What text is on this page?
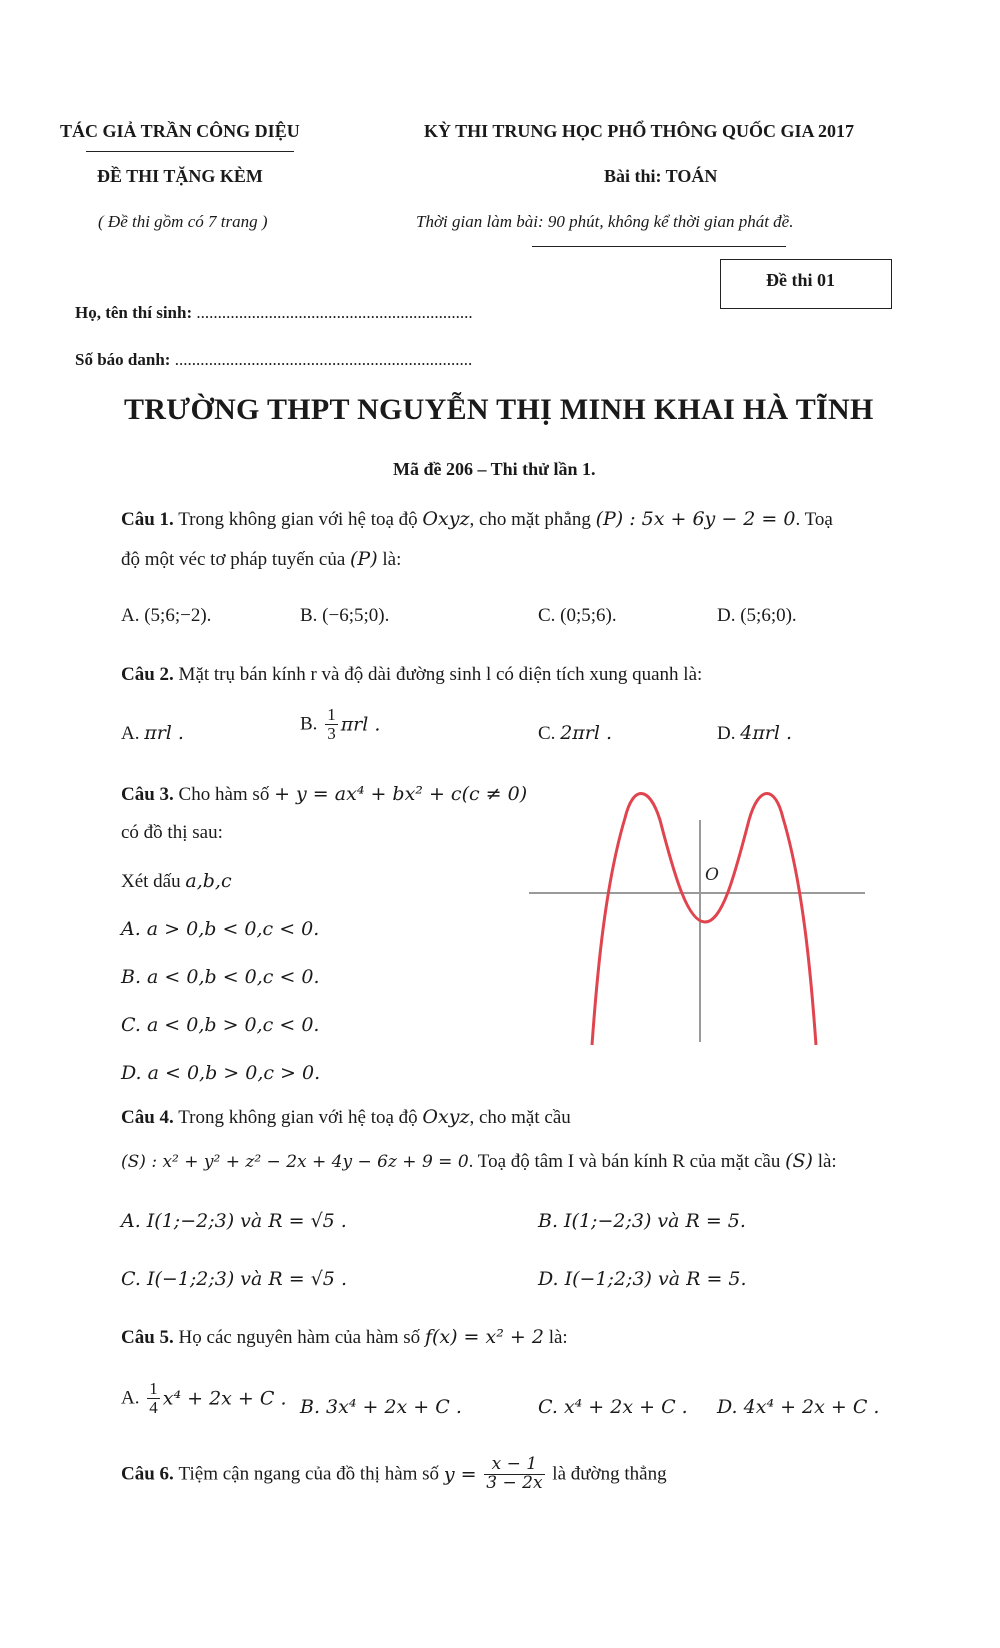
TÁC GIẢ TRẦN CÔNG DIỆU	KỲ THI TRUNG HỌC PHỔ THÔNG QUỐC GIA 2017
ĐỀ THI TẶNG KÈM	Bài thi: TOÁN
( Đề thi gồm có 7 trang )	Thời gian làm bài: 90 phút, không kể thời gian phát đề.
Đề thi 01
Họ, tên thí sinh: .................................................................
Số báo danh: ......................................................................
TRƯỜNG THPT NGUYỄN THỊ MINH KHAI HÀ TĨNH
Mã đề 206 – Thi thử lần 1.
Câu 1. Trong không gian với hệ toạ độ Oxyz, cho mặt phẳng (P) : 5x + 6y − 2 = 0. Toạ
độ một véc tơ pháp tuyến của (P) là:
A. (5;6;−2).	B. (−6;5;0).	C. (0;5;6).	D. (5;6;0).
Câu 2. Mặt trụ bán kính r và độ dài đường sinh l có diện tích xung quanh là:
A. πrl .	B. $\frac{1}{3}$ πrl .	C. 2πrl .	D. 4πrl .
Câu 3. Cho hàm số + y = ax⁴ + bx² + c(c ≠ 0)
có đồ thị sau:
Xét dấu a,b,c
A. a > 0,b < 0,c < 0.
B. a < 0,b < 0,c < 0.
C. a < 0,b > 0,c < 0.
D. a < 0,b > 0,c > 0.
O
Câu 4. Trong không gian với hệ toạ độ Oxyz, cho mặt cầu
(S) : x² + y² + z² − 2x + 4y − 6z + 9 = 0. Toạ độ tâm I và bán kính R của mặt cầu (S) là:
A. I(1;−2;3) và R = √5 .	B. I(1;−2;3) và R = 5.
C. I(−1;2;3) và R = √5 .	D. I(−1;2;3) và R = 5.
Câu 5. Họ các nguyên hàm của hàm số f(x) = x² + 2 là:
A. $\frac{1}{4} x^4 + 2x + C$ . B. 3x⁴ + 2x + C .	C. x⁴ + 2x + C . D. 4x⁴ + 2x + C .
Câu 6. Tiệm cận ngang của đồ thị hàm số $y = \frac{x - 1}{3 - 2x}$ là đường thẳng
